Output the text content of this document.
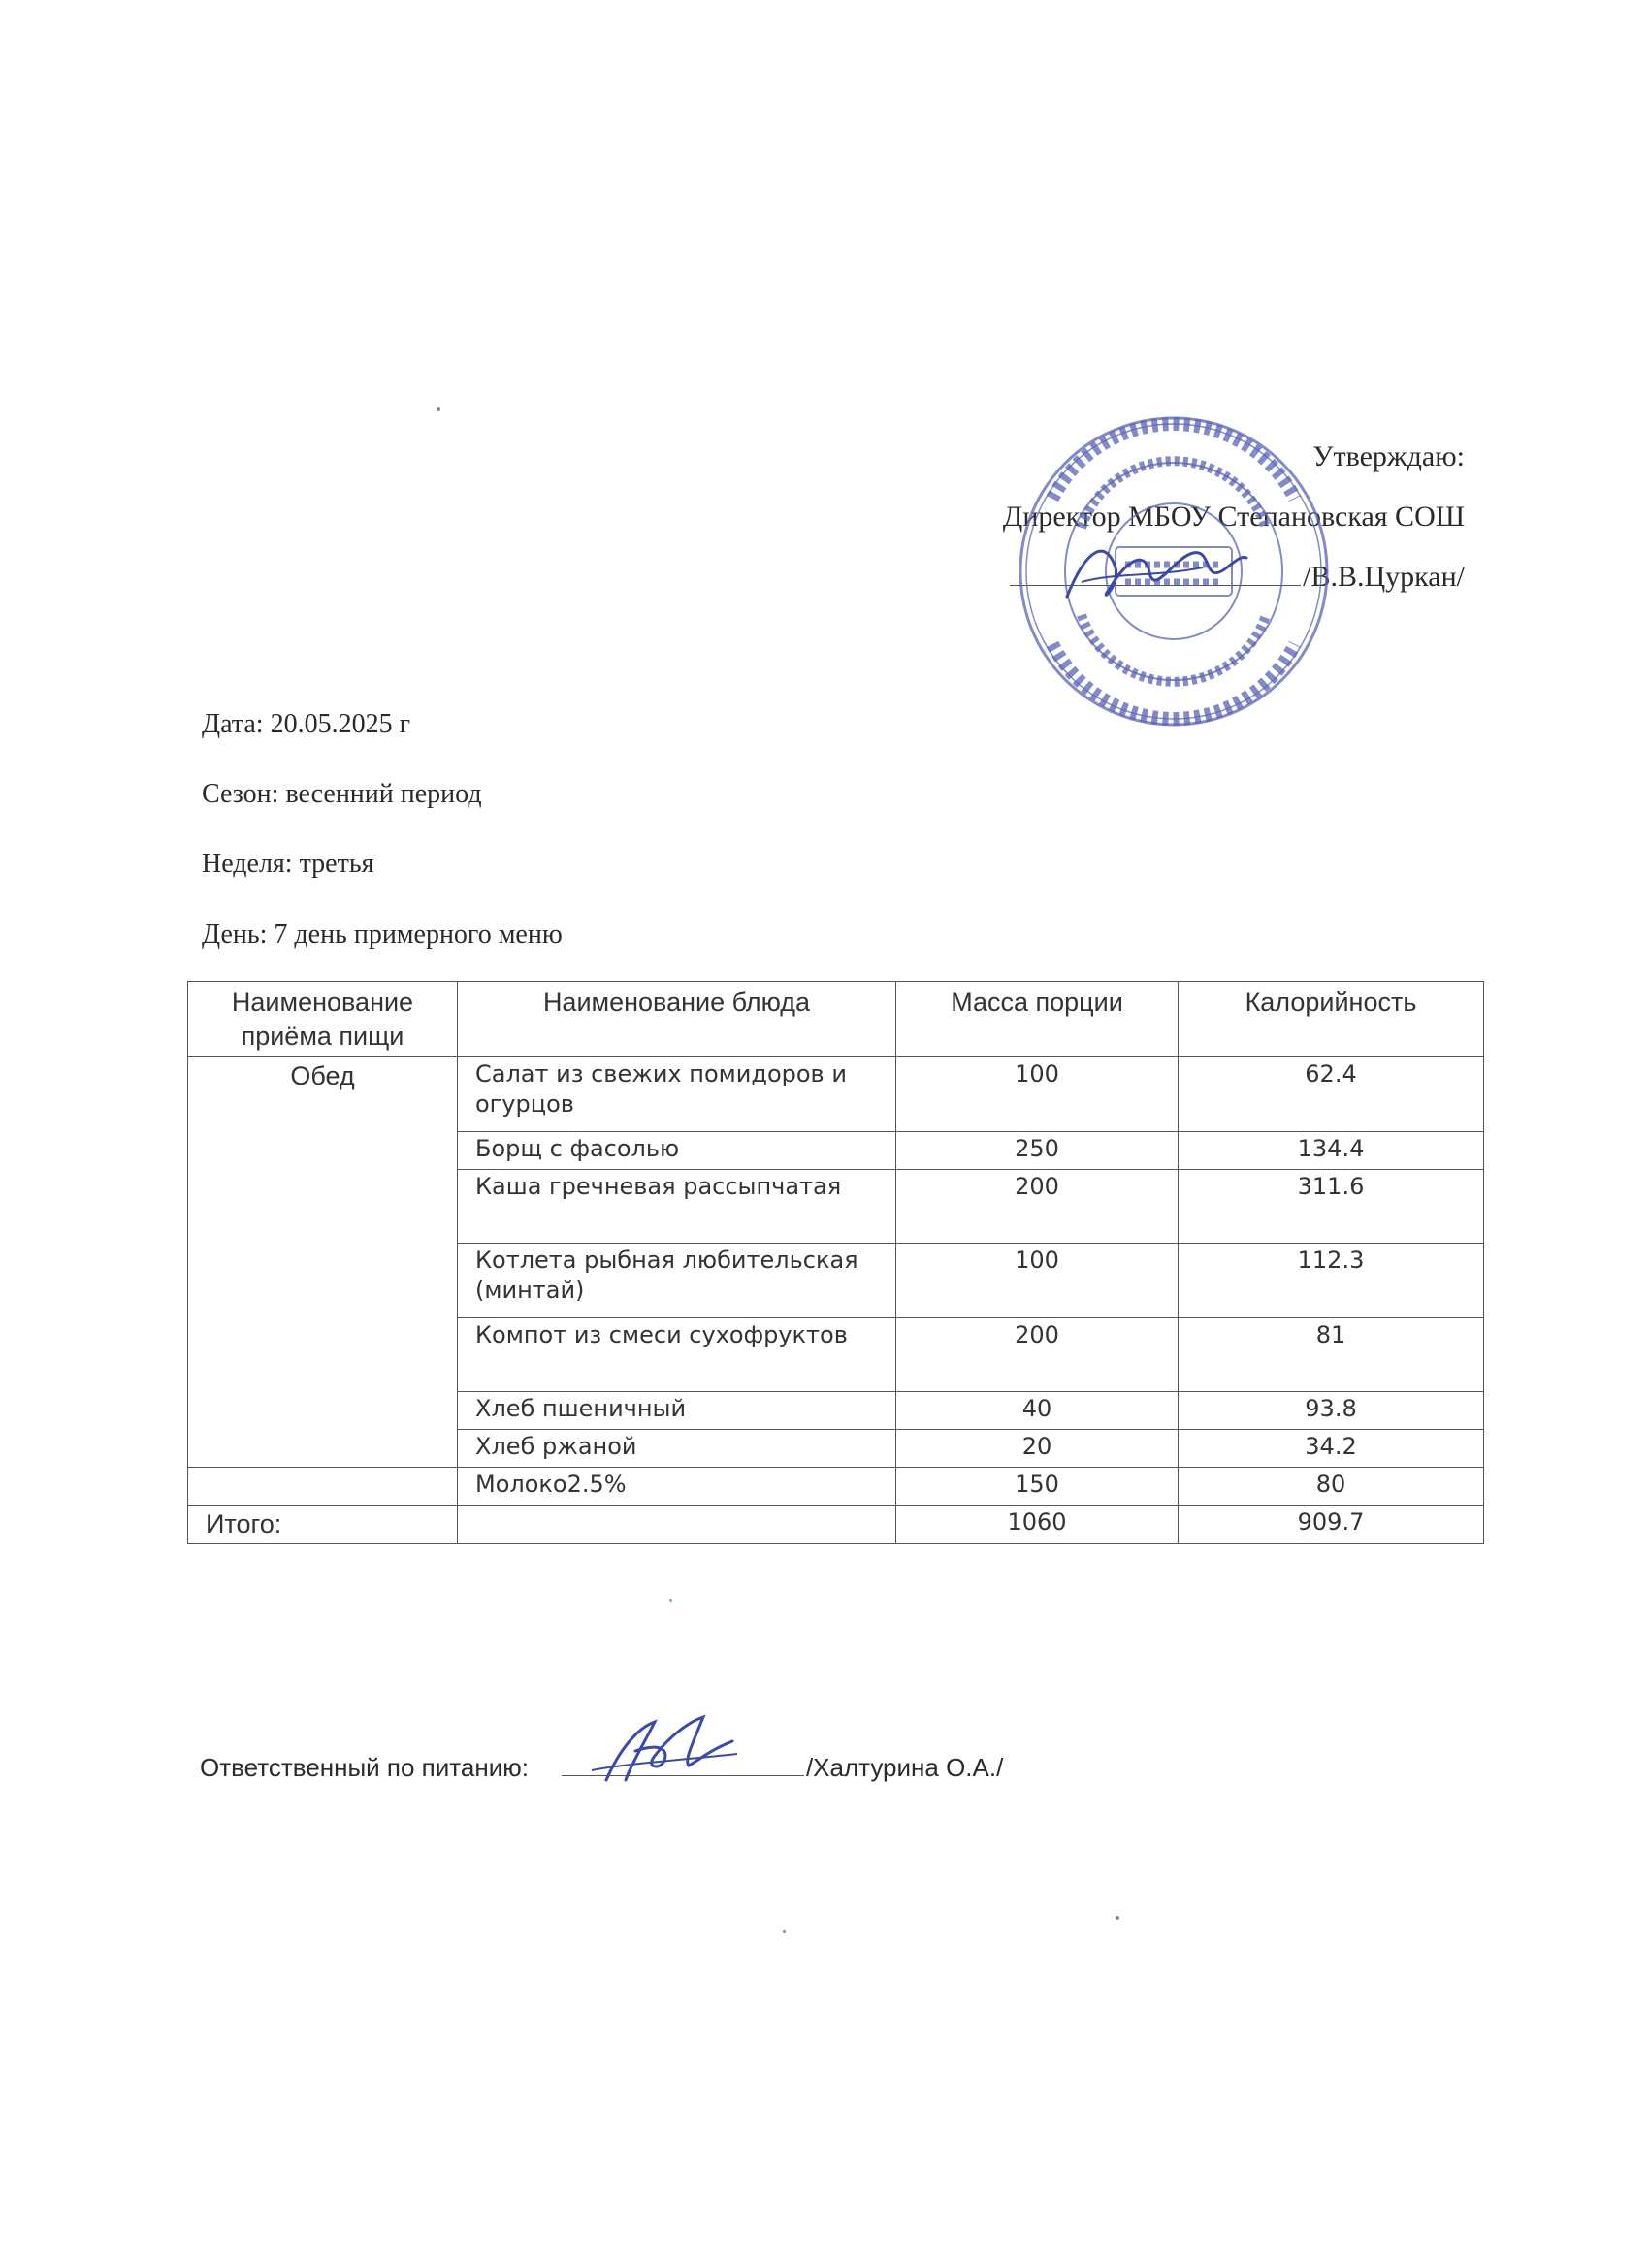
Утверждаю:
Директор МБОУ Степановская СОШ
/В.В.Цуркан/
Дата: 20.05.2025 г
Сезон: весенний период
Неделя: третья
День: 7 день примерного меню
Наименование приёма пищи	Наименование блюда	Масса порции	Калорийность
Обед	Салат из свежих помидоров и огурцов	100	62.4
	Борщ с фасолью	250	134.4
	Каша гречневая рассыпчатая	200	311.6
	Котлета рыбная любительская (минтай)	100	112.3
	Компот из смеси сухофруктов	200	81
	Хлеб пшеничный	40	93.8
	Хлеб ржаной	20	34.2
	Молоко2.5%	150	80
Итого:		1060	909.7
Ответственный по питанию:	/Халтурина О.А./
